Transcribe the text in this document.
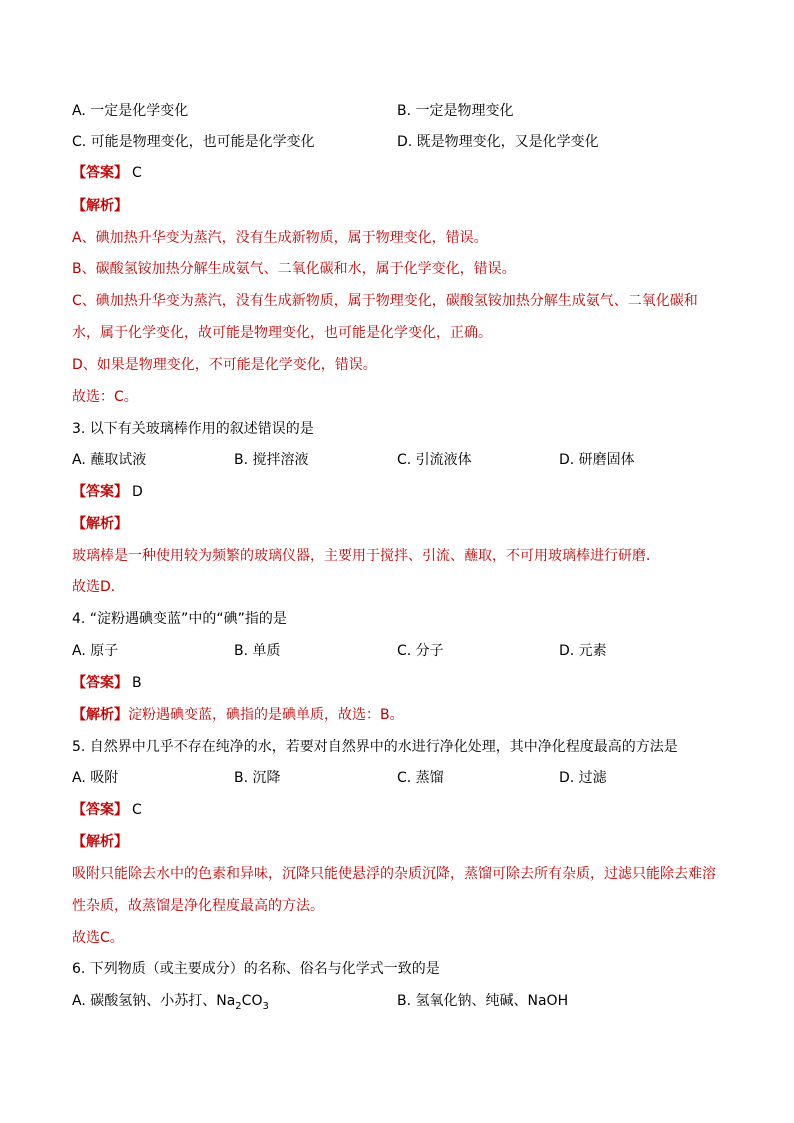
A. 一定是化学变化	B. 一定是物理变化
C. 可能是物理变化，也可能是化学变化	D. 既是物理变化，又是化学变化
【答案】 C
【解析】
A、碘加热升华变为蒸汽，没有生成新物质，属于物理变化，错误。
B、碳酸氢铵加热分解生成氨气、二氧化碳和水，属于化学变化，错误。
C、碘加热升华变为蒸汽，没有生成新物质，属于物理变化，碳酸氢铵加热分解生成氨气、二氧化碳和
水，属于化学变化，故可能是物理变化，也可能是化学变化，正确。
D、如果是物理变化，不可能是化学变化，错误。
故选：C。
3. 以下有关玻璃棒作用的叙述错误的是
A. 蘸取试液	B. 搅拌溶液	C. 引流液体	D. 研磨固体
【答案】 D
【解析】
玻璃棒是一种使用较为频繁的玻璃仪器，主要用于搅拌、引流、蘸取，不可用玻璃棒进行研磨．
故选D．
4. “淀粉遇碘变蓝”中的“碘”指的是
A. 原子	B. 单质	C. 分子	D. 元素
【答案】 B
【解析】淀粉遇碘变蓝，碘指的是碘单质，故选：B。
5. 自然界中几乎不存在纯净的水，若要对自然界中的水进行净化处理，其中净化程度最高的方法是
A. 吸附	B. 沉降	C. 蒸馏	D. 过滤
【答案】 C
【解析】
吸附只能除去水中的色素和异味，沉降只能使悬浮的杂质沉降，蒸馏可除去所有杂质，过滤只能除去难溶
性杂质，故蒸馏是净化程度最高的方法。
故选C。
6. 下列物质（或主要成分）的名称、俗名与化学式一致的是
A. 碳酸氢钠、小苏打、$Na_2CO_3$	B. 氢氧化钠、纯碱、NaOH
